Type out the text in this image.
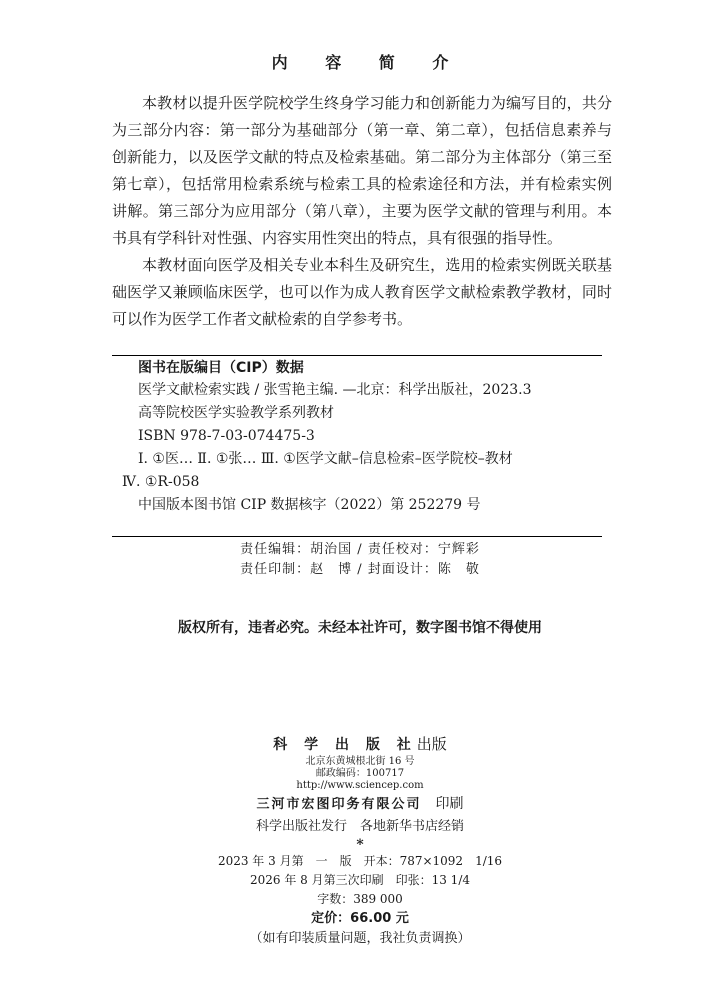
内 容 简 介

本教材以提升医学院校学生终身学习能力和创新能力为编写目的，共分为三部分内容：第一部分为基础部分（第一章、第二章），包括信息素养与创新能力，以及医学文献的特点及检索基础。第二部分为主体部分（第三至第七章），包括常用检索系统与检索工具的检索途径和方法，并有检索实例讲解。第三部分为应用部分（第八章），主要为医学文献的管理与利用。本书具有学科针对性强、内容实用性突出的特点，具有很强的指导性。

本教材面向医学及相关专业本科生及研究生，选用的检索实例既关联基础医学又兼顾临床医学，也可以作为成人教育医学文献检索教学教材，同时可以作为医学工作者文献检索的自学参考书。

图书在版编目（CIP）数据
医学文献检索实践 / 张雪艳主编. —北京：科学出版社，2023.3
高等院校医学实验教学系列教材
ISBN 978-7-03-074475-3
Ⅰ. ①医… Ⅱ. ①张… Ⅲ. ①医学文献–信息检索–医学院校–教材
Ⅳ. ①R-058
中国版本图书馆 CIP 数据核字（2022）第 252279 号
责任编辑：胡治国 / 责任校对：宁辉彩
责任印制：赵　博 / 封面设计：陈　敬
版权所有，违者必究。未经本社许可，数字图书馆不得使用
科 学 出 版 社出版
北京东黄城根北街 16 号
邮政编码：100717
http://www.sciencep.com
三河市宏图印务有限公司　 印刷
科学出版社发行　各地新华书店经销
*
2023 年 3 月第　一　版　开本：787×1092　1/16
2026 年 8 月第三次印刷　印张：13 1/4
字数：389 000
定价：66.00 元
（如有印装质量问题，我社负责调换）
